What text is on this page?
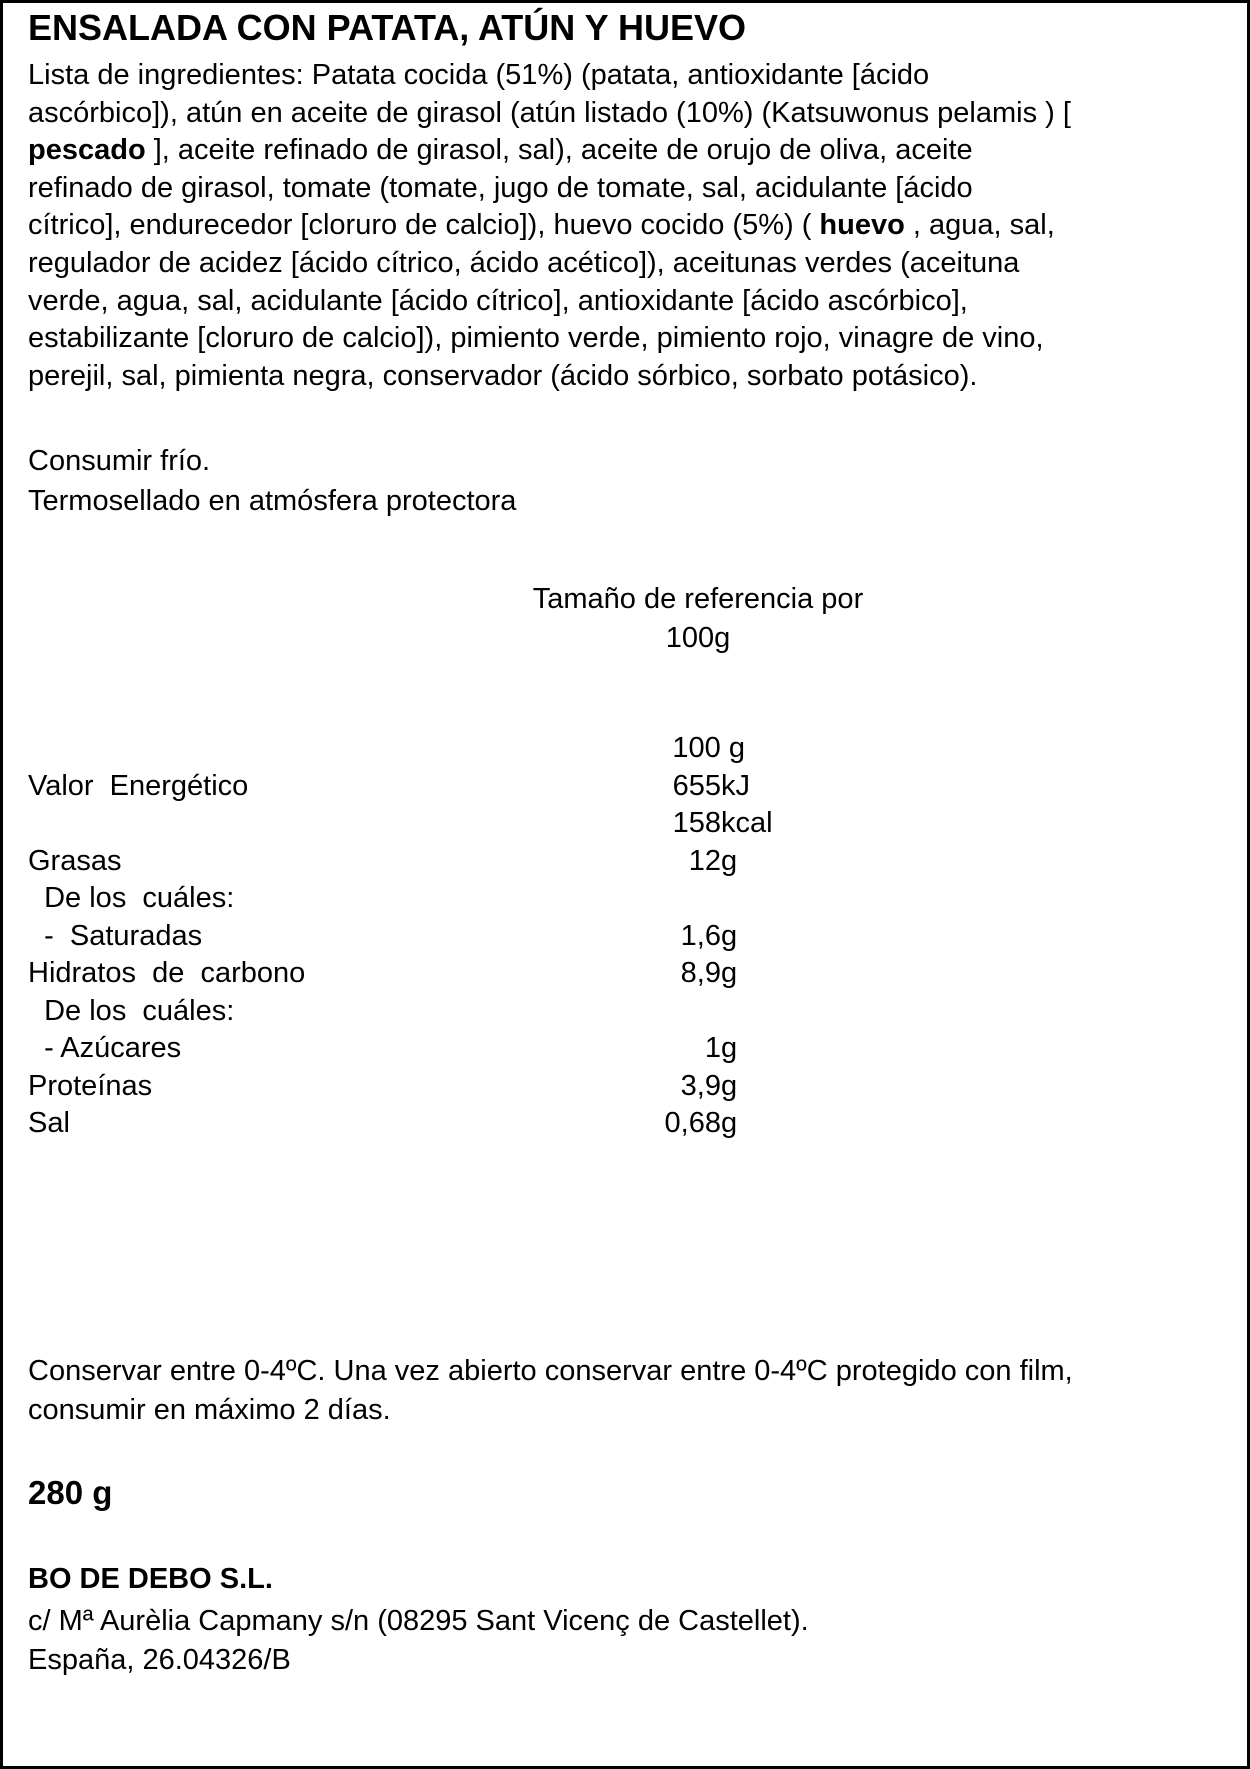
ENSALADA CON PATATA, ATÚN Y HUEVO
Lista de ingredientes: Patata cocida (51%) (patata, antioxidante [ácido
ascórbico]), atún en aceite de girasol (atún listado (10%) (Katsuwonus pelamis ) [
pescado ], aceite refinado de girasol, sal), aceite de orujo de oliva, aceite
refinado de girasol, tomate (tomate, jugo de tomate, sal, acidulante [ácido
cítrico], endurecedor [cloruro de calcio]), huevo cocido (5%) ( huevo , agua, sal,
regulador de acidez [ácido cítrico, ácido acético]), aceitunas verdes (aceituna
verde, agua, sal, acidulante [ácido cítrico], antioxidante [ácido ascórbico],
estabilizante [cloruro de calcio]), pimiento verde, pimiento rojo, vinagre de vino,
perejil, sal, pimienta negra, conservador (ácido sórbico, sorbato potásico).
Consumir frío.
Termosellado en atmósfera protectora
Tamaño de referencia por
100g
100 g
Valor  Energético	655 kJ
158 kcal
Grasas	12 g
De los  cuáles:
-  Saturadas	1,6 g
Hidratos  de  carbono	8,9 g
De los  cuáles:
- Azúcares	1 g
Proteínas	3,9 g
Sal	0,68 g
Conservar entre 0-4ºC. Una vez abierto conservar entre 0-4ºC protegido con film,
consumir en máximo 2 días.
280 g
BO DE DEBO S.L.
c/ Mª Aurèlia Capmany s/n (08295 Sant Vicenç de Castellet).
España, 26.04326/B
